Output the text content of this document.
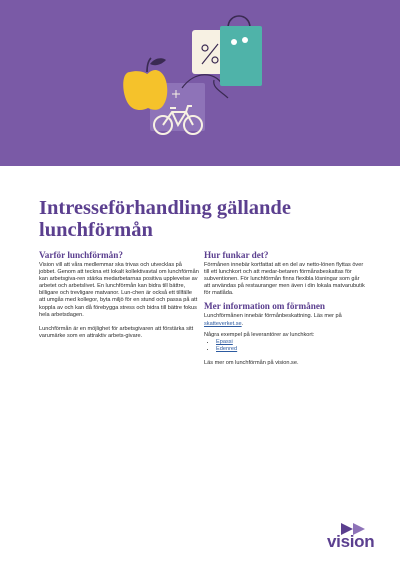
Intresseförhandling gällande lunchförmån

Varför lunchförmån?

Vision vill att våra medlemmar ska trivas och utvecklas på jobbet. Genom att teckna ett lokalt kollektivavtal om lunchförmån kan arbetsgiva-ren stärka medarbetarnas positiva upplevelse av arbetet och arbetslivet. En lunchförmån kan bidra till bättre, billigare och trevligare matvanor. Lun-chen är också ett tillfälle att umgås med kollegor, byta miljö för en stund och passa på att koppla av och kan då förebygga stress och bidra till bättre fokus hela arbetsdagen.

Lunchförmån är en möjlighet för arbetsgivaren att förstärka sitt varumärke som en attraktiv arbets-givare.

Hur funkar det?

Förmånen innebär kortfattat att en del av netto-lönen flyttas över till ett lunchkort och att medar-betaren förmånsbeskattas för subventionen. För lunchförmån finns flexibla lösningar som går att användas på restauranger men även i din lokala matvarubutik för matlåda.

Mer information om förmånen

Lunchförmånen innebär förmånbeskattning. Läs mer på skatteverket.se.

Några exempel på leverantörer av lunchkort:

• Epassi
• Edenred

Läs mer om lunchförmån på vision.se.

vision
